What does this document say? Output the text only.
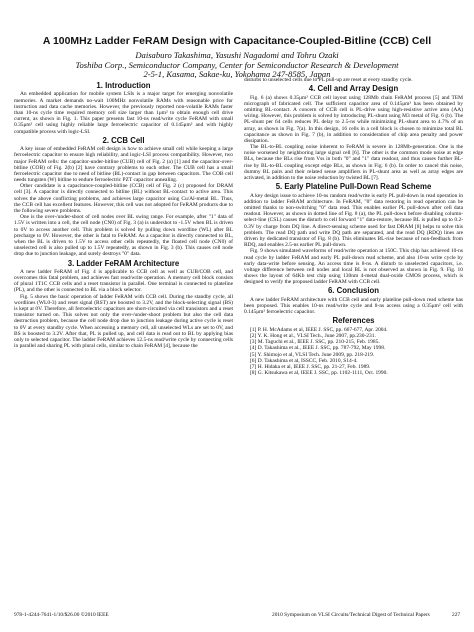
A 100MHz Ladder FeRAM Design with Capacitance-Coupled-Bitline (CCB) Cell
Daisaburo Takashima, Yasushi Nagadomi and Tohru Ozaki
Toshiba Corp., Semiconductor Company, Center for Semiconductor Research & Development
2-5-1, Kasama, Sakae-ku, Yokohama 247-8585, Japan
1. Introduction

An embedded application for mobile system LSIs is a major target for emerging nonvolatile memories. A market demands no-wait 100MHz nonvolatile RAMs with reasonable price for instruction and data cache memories. However, the previously reported non-volatile RAMs faster than 10-ns cycle time required memory cell size larger than 1μm² to obtain enough cell drive current, as shown in Fig. 1. This paper presents fast 10-ns read/write cycle FeRAM with small 0.35μm² cell using highly reliable large ferroelectric capacitor of 0.145μm² and with highly compatible process with logic-LSI.

2. CCB Cell

A key issue of embedded FeRAM cell design is how to achieve small cell while keeping a large ferroelectric capacitor to ensure high reliability, and logic-LSI process compatibility. However, two major FeRAM cells: the capacitor-under-bitline (CUB) cell of Fig. 2 (a) [1] and the capacitor-over-bitline (COB) of Fig. 2(b) [2] have contrary problems to each other. The CUB cell has a small ferroelectric capacitor due to need of bitline (BL)-contact in gap between capacitors. The COB cell needs tungsten (W) bitline to endure ferroelectric PZT capacitor annealing.

Other candidate is a capacitance-coupled-bitline (CCB) cell of Fig. 2 (c) proposed for DRAM cell [3]. A capacitor is directly connected to bitline (BL) without BL-contact to active area. This solves the above conflicting problems, and achieves large capacitor using Cu/Al-metal BL. Thus, the CCB cell has excellent features. However, this cell was not adopted for FeRAM products due to the following severe problems.

One is the over-/under-shoot of cell nodes over BL swing range. For example, after "1" data of 1.5V is written into a cell, the cell node (CN0) of Fig. 3 (a) is undershot to -1.5V when BL is driven to 0V to access another cell. This problem is solved by pulling down wordline (WL) after BL precharge to 0V. However, the other is fatal to FeRAM. As a capacitor is directly connected to BL, when the BL is driven to 1.5V to access other cells repeatedly, the floated cell node (CN0) of unselected cell is also pulled up to 1.5V repeatedly, as shown in Fig. 3 (b). This causes cell node drop due to junction leakage, and surely destroys "0" data.

3. Ladder FeRAM Architecture

A new ladder FeRAM of Fig. 4 is applicable to CCB cell as well as CUB/COB cell, and overcomes this fatal problem, and achieves fast read/write operation. A memory cell block consists of plural 1T1C CCB cells and a reset transistor in parallel. One terminal is connected to plateline (PL), and the other is connected to BL via a block selector.

Fig. 5 shows the basic operation of ladder FeRAM with CCB cell. During the standby cycle, all wordlines (WL0-3) and reset signal (RST) are boosted to 3.2V, and the block-selecting signal (BS) is kept at 0V. Therefore, all ferroelectric capacitors are short-circuited via cell transistors and a reset transistor turned on. This solves not only the over-/under-shoot problem but also the cell data destruction problem, because the cell node drop due to junction leakage during active cycle is reset to 0V at every standby cycle. When accessing a memory cell, all unselected WLs are set to 0V, and BS is boosted to 3.2V. After that, PL is pulled up, and cell data is read out to BL by applying bias only to selected capacitor. The ladder FeRAM achieves 12.5-ns read/write cycle by connecting cells in parallel and sharing PL with plural cells, similar to chain FeRAM [4], because the

disturbs to unselected cells due to PL pull-up are reset at every standby cycle.

4. Cell and Array Design

Fig. 6 (a) shows 0.35μm² CCB cell layout using 128Mb chain FeRAM process [5] and TEM micrograph of fabricated cell. The sufficient capacitor area of 0.145μm² has been obtained by omitting BL-contact. A concern of CCB cell is PL-drive using high-resistive active area (AA) wiring. However, this problem is solved by introducing PL-shunt using M3 metal of Fig. 6 (b). The PL-shunt per 64 cells reduces PL delay to 2.5-ns while minimizing PL-shunt area to 4.7% of an array, as shown in Fig. 7(a). In this design, 16 cells in a cell block is chosen to minimize total BL capacitance as shown in Fig. 7 (b), in addition to consideration of chip area penalty and power dissipation.

The BL-to-BL coupling noise inherent to FeRAM is severe in 128Mb-generation. One is the noise worsened by neighboring large signal cell [6]. The other is the common mode noise at edge BLs, because the BLs rise from Vss in both "0" and "1" data readout, and thus causes further BL-rise by BL-to-BL coupling except edge BLs, as shown in Fig. 6 (b). In order to cancel this noise, dummy BL pairs and their related sense amplifiers in PL-shunt area as well as array edges are activated, in addition to the noise reduction by twisted BL [7].

5. Early Plateline Pull-Down Read Scheme

A key design issue to achieve 10-ns random read/write is early PL pull-down in read operation in addition to ladder FeRAM architecture. In FeRAM, "0" data restoring in read operation can be omitted thanks to non-switching "0" data read. This enables earlier PL pull-down after cell data readout. However, as shown in dotted line of Fig. 8 (a), the PL pull-down before disabling column-select-line (CSL) causes the disturb to cell forward "1" data-restore, because BL is pulled up to 0.2-0.3V by charge from DQ line. A direct-sensing scheme used for fast DRAM [8] helps to solve this problem. The read DQ path and write DQ path are separated, and the read DQ (RDQ) lines are driven by dedicated transistor of Fig. 8 (b). This eliminates BL-rise because of non-feedback from RDQ, and enables 2.5-ns earlier PL pull-down.

Fig. 9 shows simulated waveforms of read/write operation at 150C. This chip has achieved 10-ns read cycle by ladder FeRAM and early PL pull-down read scheme, and also 10-ns write cycle by early data-write before sensing. An access time is 8-ns. A disturb to unselected capacitors, i.e. voltage difference between cell nodes and local BL is not observed as shown in Fig. 9. Fig. 10 shows the layout of 64Kb test chip using 130nm 4-metal dual-oxide CMOS process, which is designed to verify the proposed ladder FeRAM with CCB cell.

6. Conclusion

A new ladder FeRAM architecture with CCB cell and early plateline pull-down read scheme has been proposed. This enables 10-ns read/write cycle and 8-ns access using a 0.35μm² cell with 0.145μm² ferroelectric capacitor.

References

[1] P. H. McAdams et al, IEEE J. SSC, pp. 667-677, Apr. 2004.

[2] Y. K. Hong et al., VLSI Tech., June 2007, pp.230-231.

[3] M. Taguchi et al., IEEE J. SSC, pp. 210-215, Feb. 1985.

[4] D. Takashima et al., IEEE J. SSC, pp. 787-792, May 1998.

[5] Y. Shimojo et al, VLSI Tech. June 2009, pp. 218-219.

[6] D. Takashima et al, ISSCC, Feb. 2010, S14-4.

[7] H. Hidaka et al, IEEE J. SSC, pp. 21-27, Feb. 1989.

[8] G. Kitsukawa et al, IEEE J. SSC, pp. 1102-1111, Oct. 1990.

978-1-4244-7641-1/10/$26.00 ©2010 IEEE	2010 Symposium on VLSI Circuits/Technical Digest of Technical Papers	227
